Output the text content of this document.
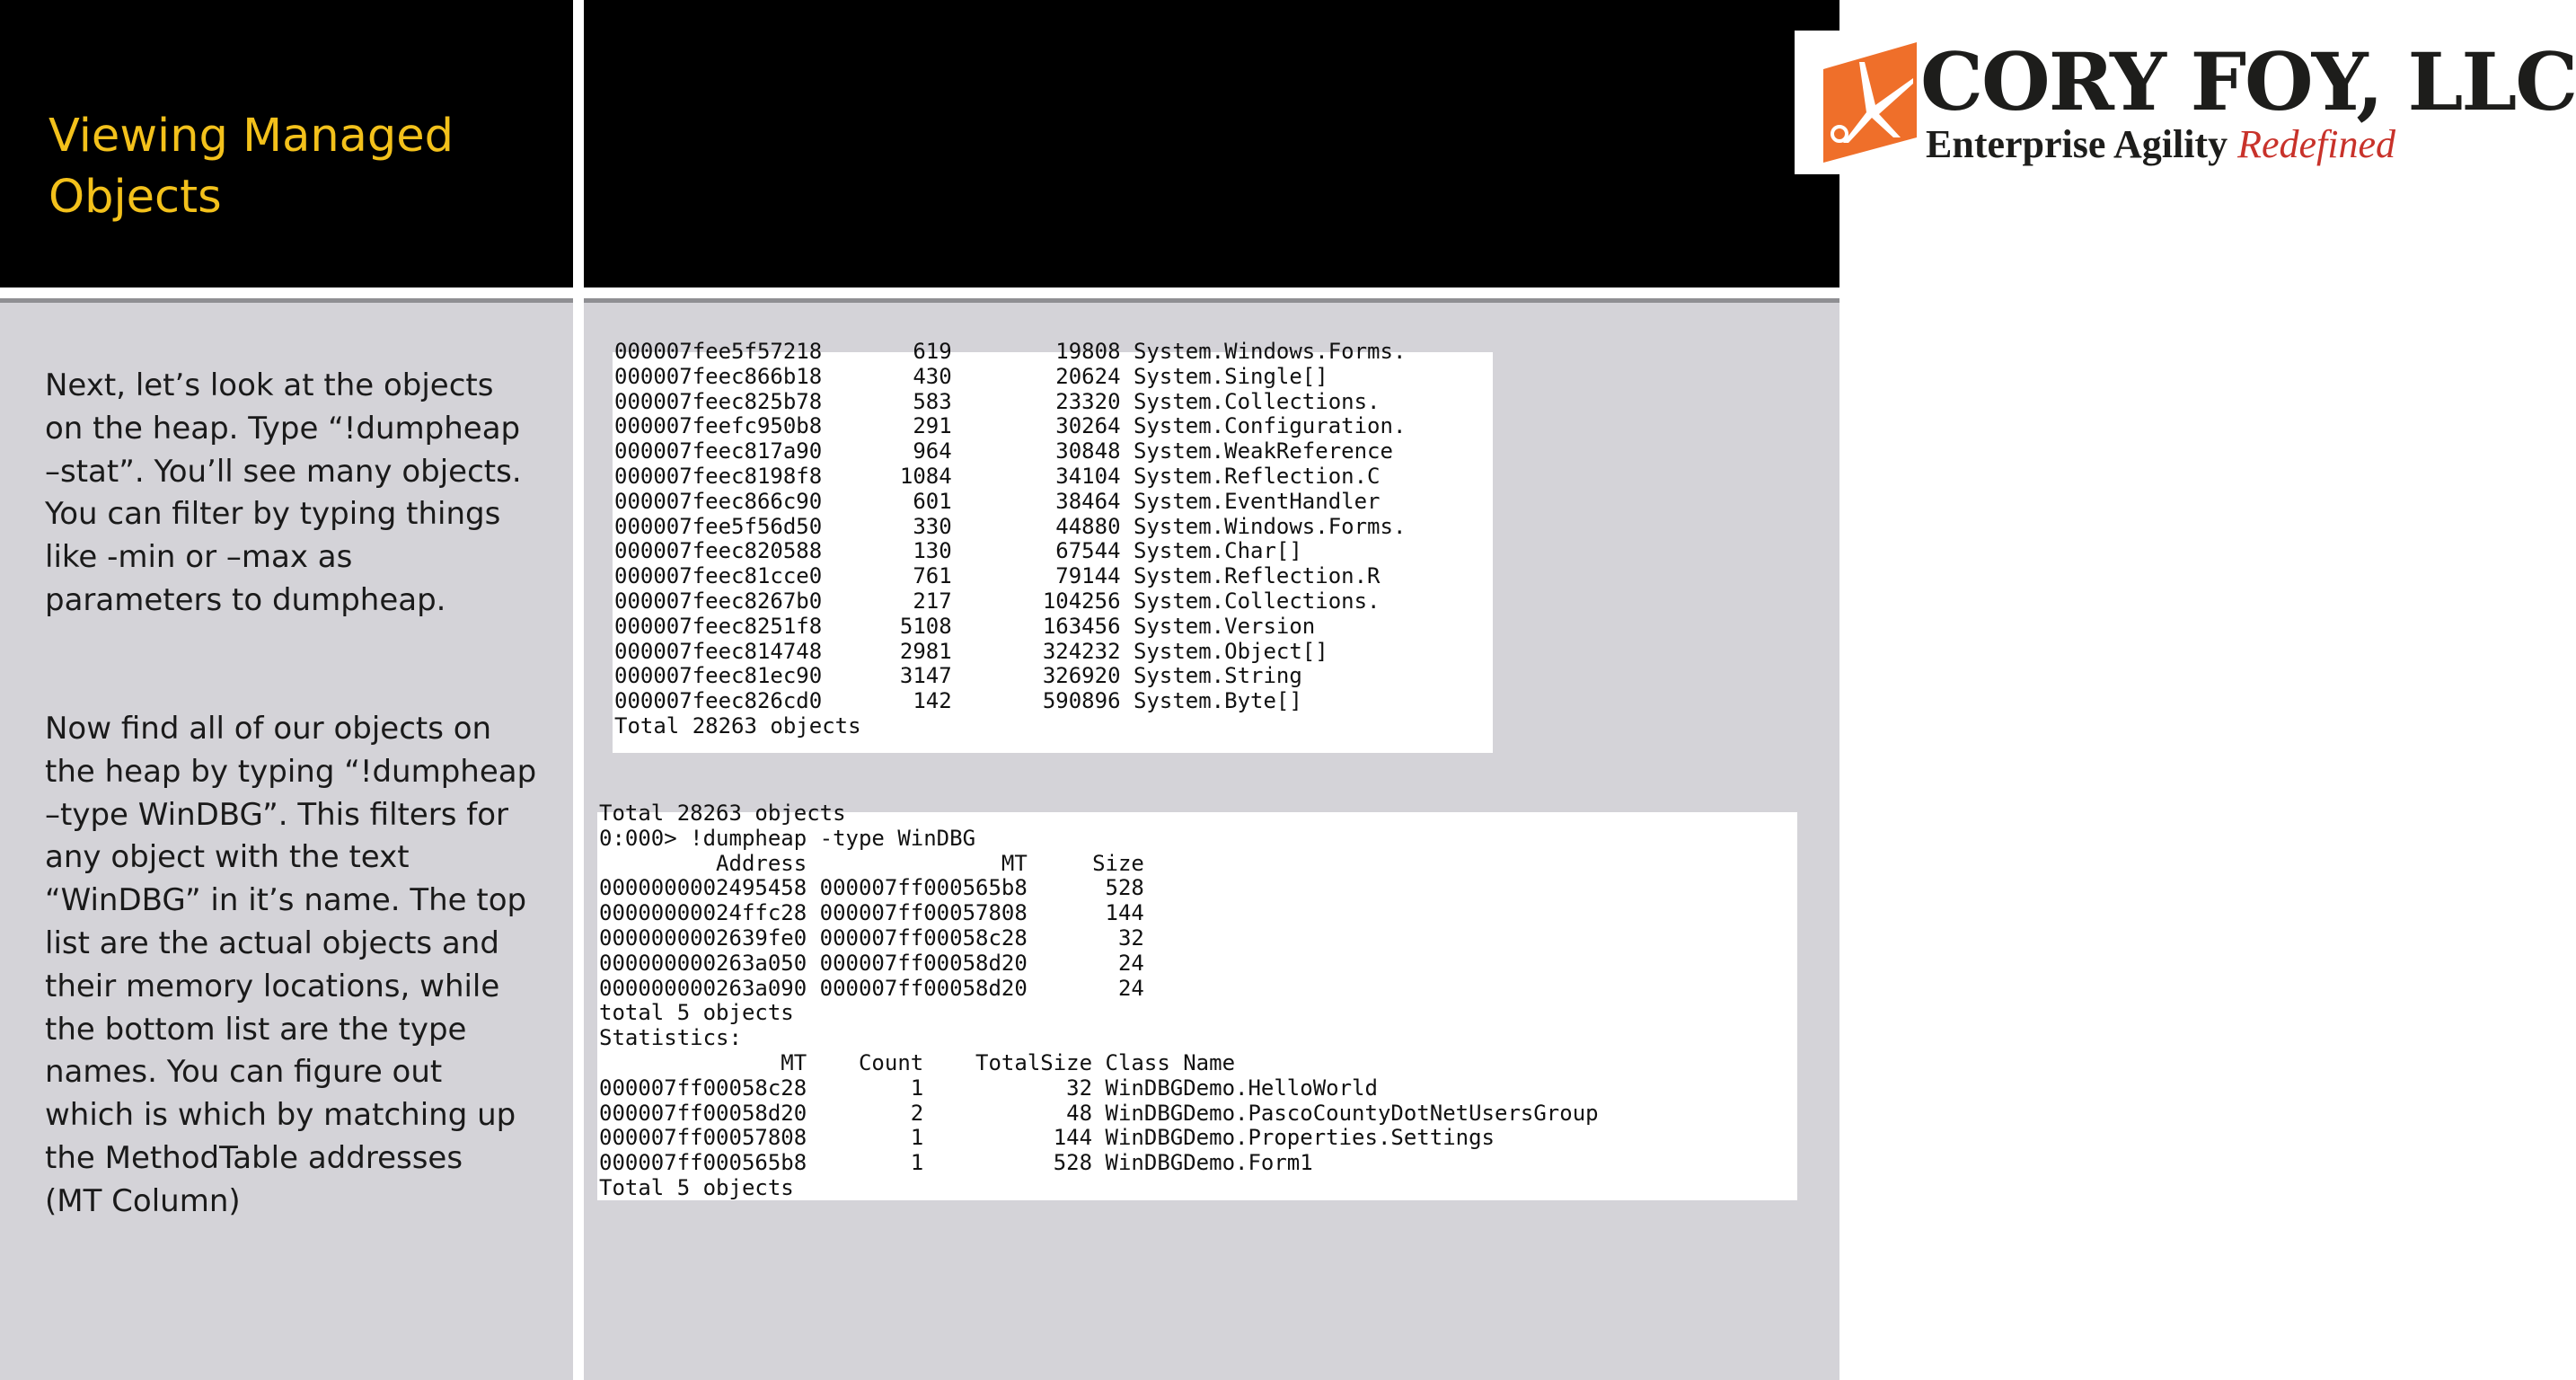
Viewing Managed
Objects
CORY FOY, LLC
Enterprise Agility Redefined

Next, let’s look at the objects
on the heap. Type “!dumpheap
–stat”. You’ll see many objects.
You can filter by typing things
like -min or –max as
parameters to dumpheap.

Now find all of our objects on
the heap by typing “!dumpheap
–type WinDBG”. This filters for
any object with the text
“WinDBG” in it’s name. The top
list are the actual objects and
their memory locations, while
the bottom list are the type
names. You can figure out
which is which by matching up
the MethodTable addresses
(MT Column)

000007fee5f57218       619        19808 System.Windows.Forms.
000007feec866b18       430        20624 System.Single[]
000007feec825b78       583        23320 System.Collections.
000007feefc950b8       291        30264 System.Configuration.
000007feec817a90       964        30848 System.WeakReference
000007feec8198f8      1084        34104 System.Reflection.C
000007feec866c90       601        38464 System.EventHandler
000007fee5f56d50       330        44880 System.Windows.Forms.
000007feec820588       130        67544 System.Char[]
000007feec81cce0       761        79144 System.Reflection.R
000007feec8267b0       217       104256 System.Collections.
000007feec8251f8      5108       163456 System.Version
000007feec814748      2981       324232 System.Object[]
000007feec81ec90      3147       326920 System.String
000007feec826cd0       142       590896 System.Byte[]
Total 28263 objects

Total 28263 objects
0:000> !dumpheap -type WinDBG
Address               MT     Size
0000000002495458 000007ff000565b8      528
00000000024ffc28 000007ff00057808      144
0000000002639fe0 000007ff00058c28       32
000000000263a050 000007ff00058d20       24
000000000263a090 000007ff00058d20       24
total 5 objects
Statistics:
MT    Count    TotalSize Class Name
000007ff00058c28        1           32 WinDBGDemo.HelloWorld
000007ff00058d20        2           48 WinDBGDemo.PascoCountyDotNetUsersGroup
000007ff00057808        1          144 WinDBGDemo.Properties.Settings
000007ff000565b8        1          528 WinDBGDemo.Form1
Total 5 objects
